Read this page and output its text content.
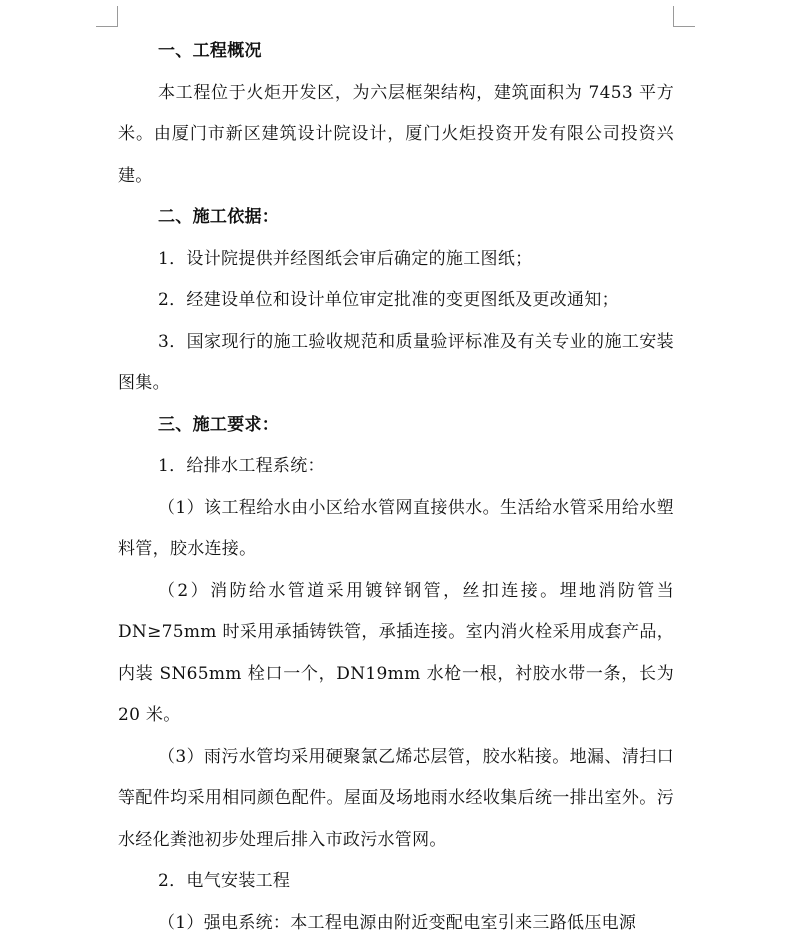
一、工程概况

本工程位于火炬开发区，为六层框架结构，建筑面积为 7453 平方米。由厦门市新区建筑设计院设计，厦门火炬投资开发有限公司投资兴建。

二、施工依据：

1．设计院提供并经图纸会审后确定的施工图纸；

2．经建设单位和设计单位审定批准的变更图纸及更改通知；

3．国家现行的施工验收规范和质量验评标准及有关专业的施工安装图集。

三、施工要求：

1．给排水工程系统：

（1）该工程给水由小区给水管网直接供水。生活给水管采用给水塑料管，胶水连接。

（2）消防给水管道采用镀锌钢管，丝扣连接。埋地消防管当 DN≥75mm 时采用承插铸铁管，承插连接。室内消火栓采用成套产品，内装 SN65mm 栓口一个，DN19mm 水枪一根，衬胶水带一条，长为 20 米。

（3）雨污水管均采用硬聚氯乙烯芯层管，胶水粘接。地漏、清扫口等配件均采用相同颜色配件。屋面及场地雨水经收集后统一排出室外。污水经化粪池初步处理后排入市政污水管网。

2．电气安装工程

（1）强电系统：本工程电源由附近变配电室引来三路低压电源
